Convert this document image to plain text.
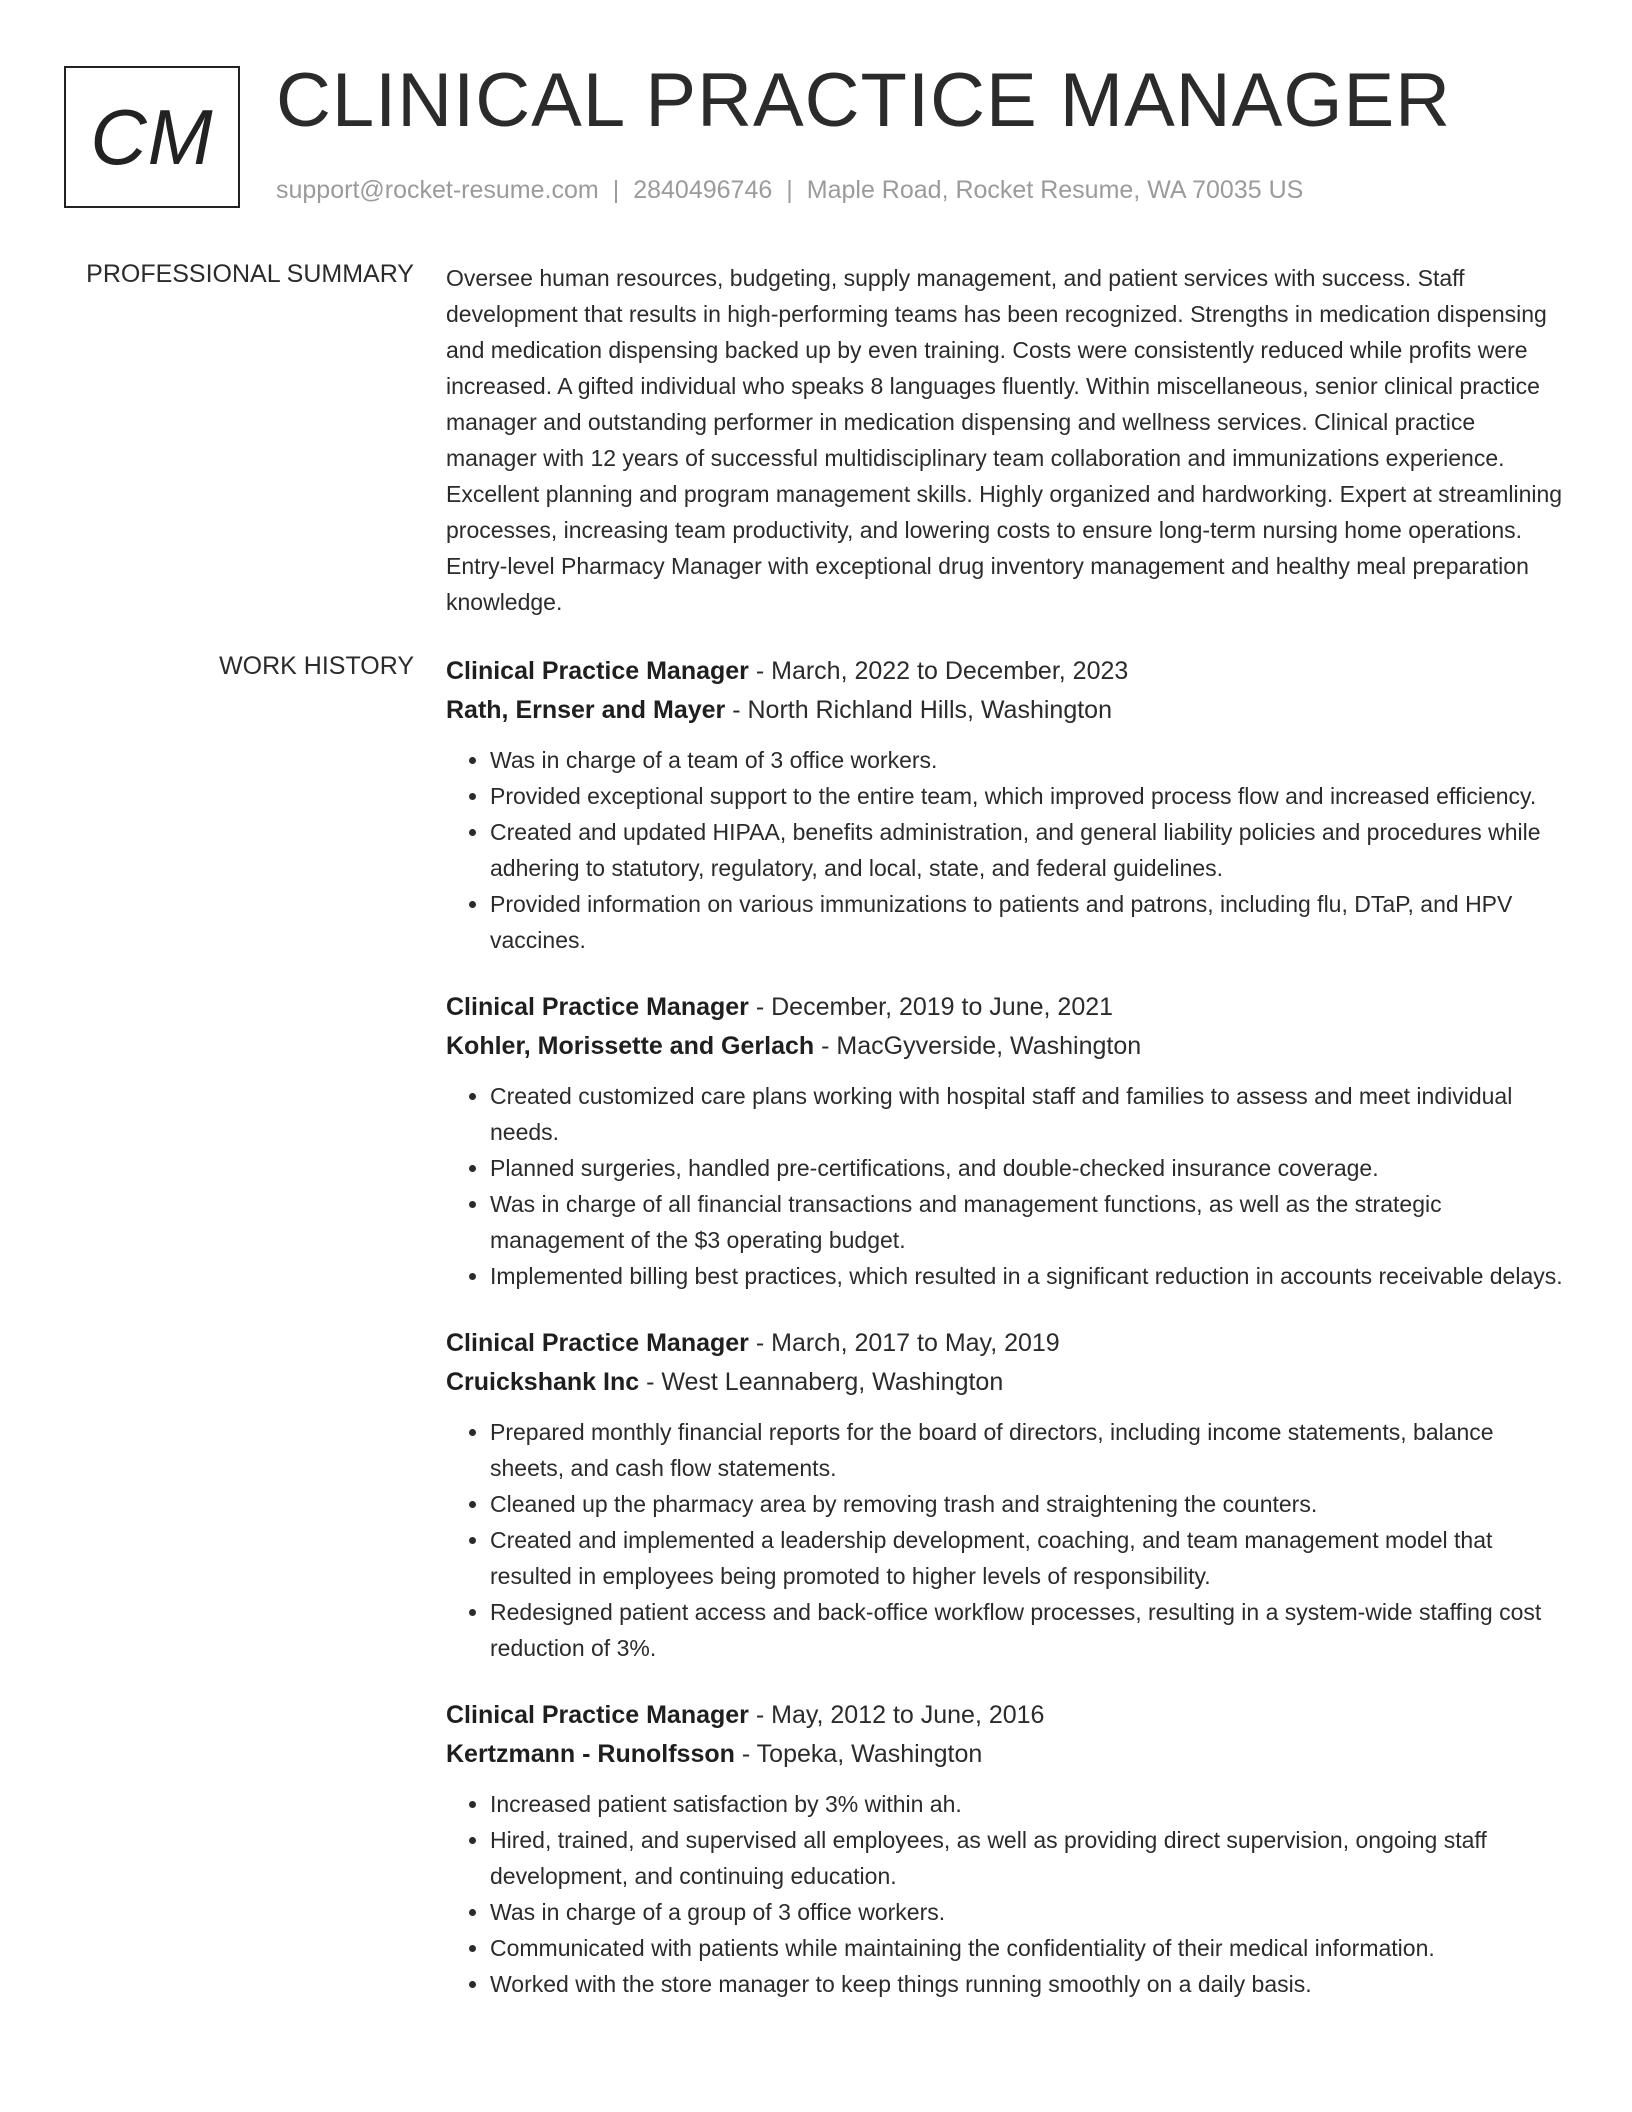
CM CLINICAL PRACTICE MANAGER
support@rocket-resume.com | 2840496746 | Maple Road, Rocket Resume, WA 70035 US
PROFESSIONAL SUMMARY Oversee human resources, budgeting, supply management, and patient services with success. Staff development that results in high-performing teams has been recognized. Strengths in medication dispensing and medication dispensing backed up by even training. Costs were consistently reduced while profits were increased. A gifted individual who speaks 8 languages fluently. Within miscellaneous, senior clinical practice manager and outstanding performer in medication dispensing and wellness services. Clinical practice manager with 12 years of successful multidisciplinary team collaboration and immunizations experience. Excellent planning and program management skills. Highly organized and hardworking. Expert at streamlining processes, increasing team productivity, and lowering costs to ensure long-term nursing home operations. Entry-level Pharmacy Manager with exceptional drug inventory management and healthy meal preparation knowledge.

WORK HISTORY Clinical Practice Manager - March, 2022 to December, 2023
Rath, Ernser and Mayer - North Richland Hills, Washington
• Was in charge of a team of 3 office workers.
• Provided exceptional support to the entire team, which improved process flow and increased efficiency.
• Created and updated HIPAA, benefits administration, and general liability policies and procedures while adhering to statutory, regulatory, and local, state, and federal guidelines.
• Provided information on various immunizations to patients and patrons, including flu, DTaP, and HPV vaccines.
Clinical Practice Manager - December, 2019 to June, 2021
Kohler, Morissette and Gerlach - MacGyverside, Washington
• Created customized care plans working with hospital staff and families to assess and meet individual needs.
• Planned surgeries, handled pre-certifications, and double-checked insurance coverage.
• Was in charge of all financial transactions and management functions, as well as the strategic management of the $3 operating budget.
• Implemented billing best practices, which resulted in a significant reduction in accounts receivable delays.
Clinical Practice Manager - March, 2017 to May, 2019
Cruickshank Inc - West Leannaberg, Washington
• Prepared monthly financial reports for the board of directors, including income statements, balance sheets, and cash flow statements.
• Cleaned up the pharmacy area by removing trash and straightening the counters.
• Created and implemented a leadership development, coaching, and team management model that resulted in employees being promoted to higher levels of responsibility.
• Redesigned patient access and back-office workflow processes, resulting in a system-wide staffing cost reduction of 3%.
Clinical Practice Manager - May, 2012 to June, 2016
Kertzmann - Runolfsson - Topeka, Washington
• Increased patient satisfaction by 3% within ah.
• Hired, trained, and supervised all employees, as well as providing direct supervision, ongoing staff development, and continuing education.
• Was in charge of a group of 3 office workers.
• Communicated with patients while maintaining the confidentiality of their medical information.
• Worked with the store manager to keep things running smoothly on a daily basis.
